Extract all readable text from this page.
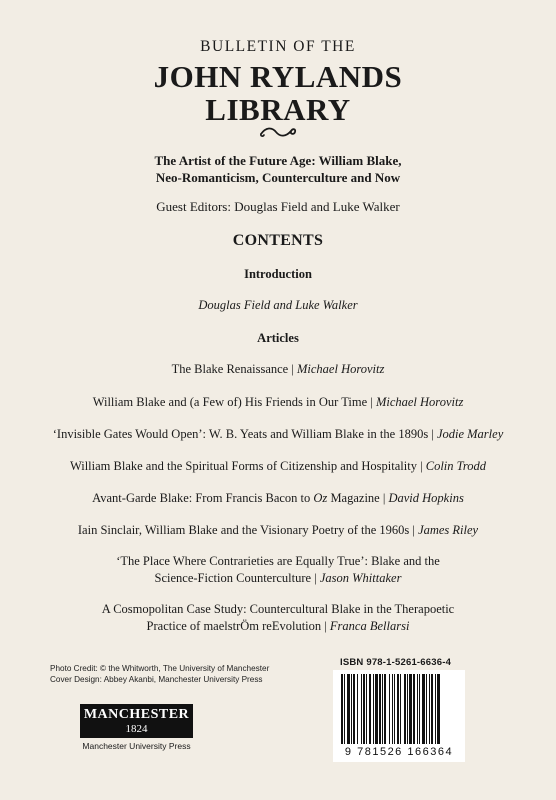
BULLETIN OF THE
JOHN RYLANDS
LIBRARY
The Artist of the Future Age: William Blake,
Neo-Romanticism, Counterculture and Now
Guest Editors: Douglas Field and Luke Walker
CONTENTS
Introduction
Douglas Field and Luke Walker
Articles
The Blake Renaissance | Michael Horovitz
William Blake and (a Few of) His Friends in Our Time | Michael Horovitz
‘Invisible Gates Would Open’: W. B. Yeats and William Blake in the 1890s | Jodie Marley
William Blake and the Spiritual Forms of Citizenship and Hospitality | Colin Trodd
Avant-Garde Blake: From Francis Bacon to Oz Magazine | David Hopkins
Iain Sinclair, William Blake and the Visionary Poetry of the 1960s | James Riley
‘The Place Where Contrarieties are Equally True’: Blake and the
Science-Fiction Counterculture | Jason Whittaker
A Cosmopolitan Case Study: Countercultural Blake in the Therapoetic
Practice of maelstrÖm reEvolution | Franca Bellarsi
Photo Credit: © the Whitworth, The University of Manchester
Cover Design: Abbey Akanbi, Manchester University Press
MANCHESTER
1824
Manchester University Press
ISBN 978-1-5261-6636-4
9 781526 166364
